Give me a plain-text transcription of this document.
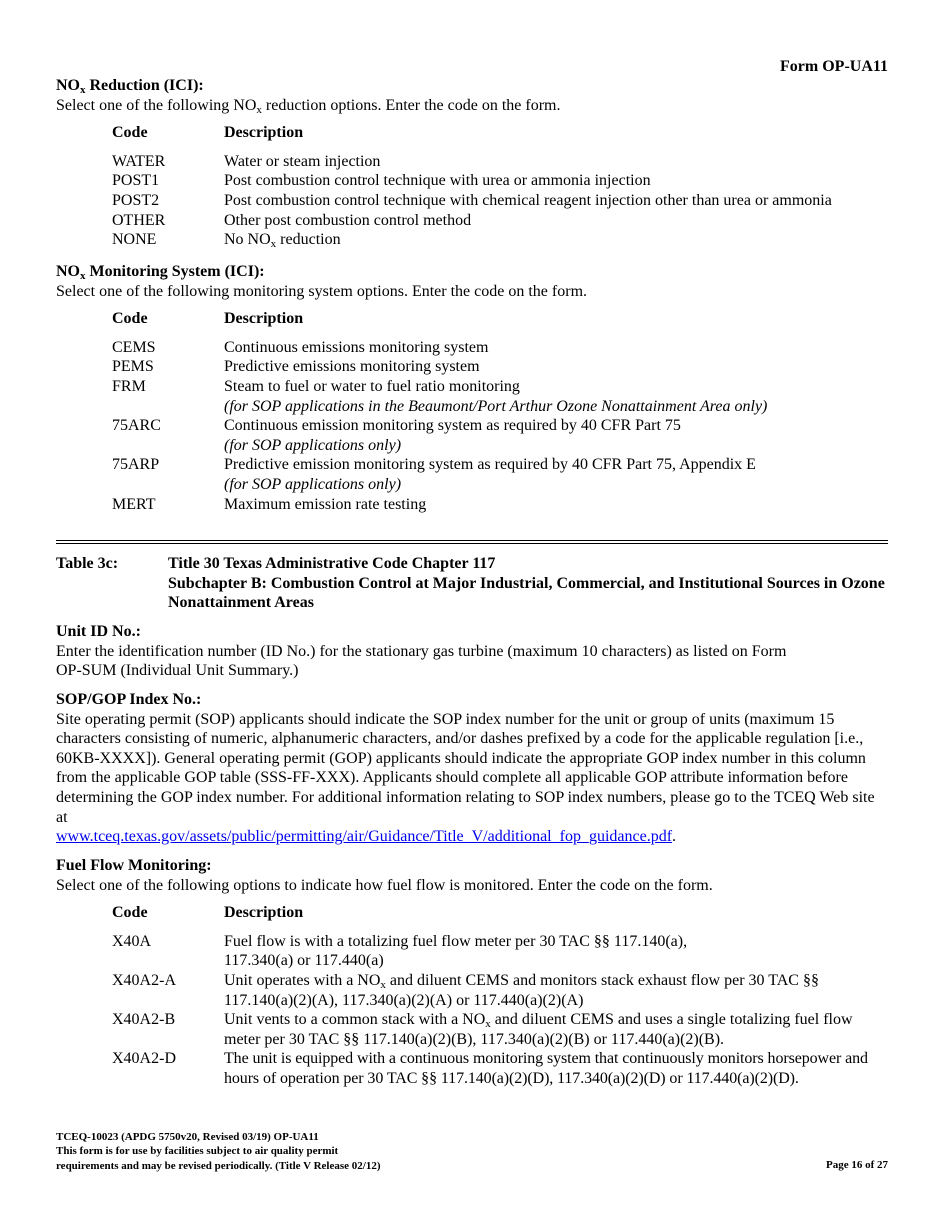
Form OP-UA11
$NO_x$ Reduction (ICI):
Select one of the following $NO_x$ reduction options. Enter the code on the form.
Code	Description
WATER	Water or steam injection
POST1	Post combustion control technique with urea or ammonia injection
POST2	Post combustion control technique with chemical reagent injection other than urea or ammonia
OTHER	Other post combustion control method
NONE	No $NO_x$ reduction
$NO_x$ Monitoring System (ICI):
Select one of the following monitoring system options. Enter the code on the form.
Code	Description
CEMS	Continuous emissions monitoring system
PEMS	Predictive emissions monitoring system
FRM	Steam to fuel or water to fuel ratio monitoring
(for SOP applications in the Beaumont/Port Arthur Ozone Nonattainment Area only)
75ARC	Continuous emission monitoring system as required by 40 CFR Part 75
(for SOP applications only)
75ARP	Predictive emission monitoring system as required by 40 CFR Part 75, Appendix E
(for SOP applications only)
MERT	Maximum emission rate testing
Table 3c:	Title 30 Texas Administrative Code Chapter 117
Subchapter B: Combustion Control at Major Industrial, Commercial, and Institutional Sources in Ozone Nonattainment Areas
Unit ID No.:
Enter the identification number (ID No.) for the stationary gas turbine (maximum 10 characters) as listed on Form OP-SUM (Individual Unit Summary.)
SOP/GOP Index No.:
Site operating permit (SOP) applicants should indicate the SOP index number for the unit or group of units (maximum 15 characters consisting of numeric, alphanumeric characters, and/or dashes prefixed by a code for the applicable regulation [i.e., 60KB-XXXX]). General operating permit (GOP) applicants should indicate the appropriate GOP index number in this column from the applicable GOP table (SSS-FF-XXX). Applicants should complete all applicable GOP attribute information before determining the GOP index number. For additional information relating to SOP index numbers, please go to the TCEQ Web site at
www.tceq.texas.gov/assets/public/permitting/air/Guidance/Title_V/additional_fop_guidance.pdf.
Fuel Flow Monitoring:
Select one of the following options to indicate how fuel flow is monitored. Enter the code on the form.
Code	Description
X40A	Fuel flow is with a totalizing fuel flow meter per 30 TAC §§ 117.140(a), 117.340(a) or 117.440(a)
X40A2-A	Unit operates with a $NO_x$ and diluent CEMS and monitors stack exhaust flow per 30 TAC §§ 117.140(a)(2)(A), 117.340(a)(2)(A) or 117.440(a)(2)(A)
X40A2-B	Unit vents to a common stack with a $NO_x$ and diluent CEMS and uses a single totalizing fuel flow meter per 30 TAC §§ 117.140(a)(2)(B), 117.340(a)(2)(B) or 117.440(a)(2)(B).
X40A2-D	The unit is equipped with a continuous monitoring system that continuously monitors horsepower and hours of operation per 30 TAC §§ 117.140(a)(2)(D), 117.340(a)(2)(D) or 117.440(a)(2)(D).
TCEQ-10023 (APDG 5750v20, Revised 03/19) OP-UA11
This form is for use by facilities subject to air quality permit
requirements and may be revised periodically. (Title V Release 02/12)	Page 16 of 27
